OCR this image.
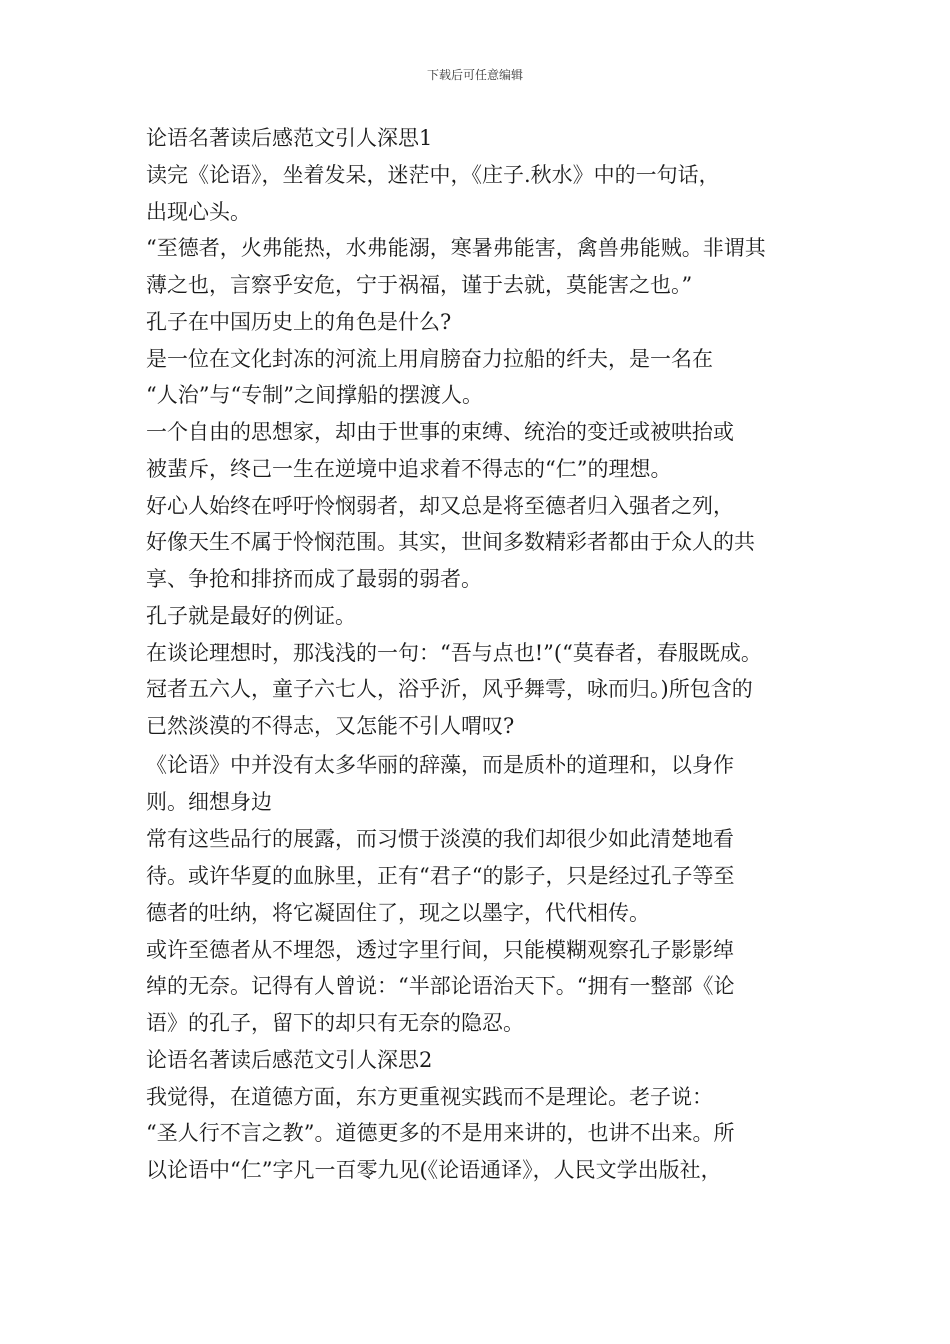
下载后可任意编辑
论语名著读后感范文引人深思1
读完《论语》，坐着发呆，迷茫中，《庄子.秋水》中的一句话，
出现心头。
“至德者，火弗能热，水弗能溺，寒暑弗能害，禽兽弗能贼。非谓其
薄之也，言察乎安危，宁于祸福，谨于去就，莫能害之也。”
孔子在中国历史上的角色是什么?
是一位在文化封冻的河流上用肩膀奋力拉船的纤夫，是一名在
“人治”与“专制”之间撑船的摆渡人。
一个自由的思想家，却由于世事的束缚、统治的变迁或被哄抬或
被蜚斥，终己一生在逆境中追求着不得志的“仁”的理想。
好心人始终在呼吁怜悯弱者，却又总是将至德者归入强者之列，
好像天生不属于怜悯范围。其实，世间多数精彩者都由于众人的共
享、争抢和排挤而成了最弱的弱者。
孔子就是最好的例证。
在谈论理想时，那浅浅的一句：“吾与点也!”(“莫春者，春服既成。
冠者五六人，童子六七人，浴乎沂，风乎舞雩，咏而归。)所包含的
已然淡漠的不得志，又怎能不引人喟叹?
《论语》中并没有太多华丽的辞藻，而是质朴的道理和，以身作
则。细想身边
常有这些品行的展露，而习惯于淡漠的我们却很少如此清楚地看
待。或许华夏的血脉里，正有“君子“的影子，只是经过孔子等至
德者的吐纳，将它凝固住了，现之以墨字，代代相传。
或许至德者从不埋怨，透过字里行间，只能模糊观察孔子影影绰
绰的无奈。记得有人曾说：“半部论语治天下。“拥有一整部《论
语》的孔子，留下的却只有无奈的隐忍。
论语名著读后感范文引人深思2
我觉得，在道德方面，东方更重视实践而不是理论。老子说：
“圣人行不言之教”。道德更多的不是用来讲的，也讲不出来。所
以论语中“仁”字凡一百零九见(《论语通译》，人民文学出版社，
